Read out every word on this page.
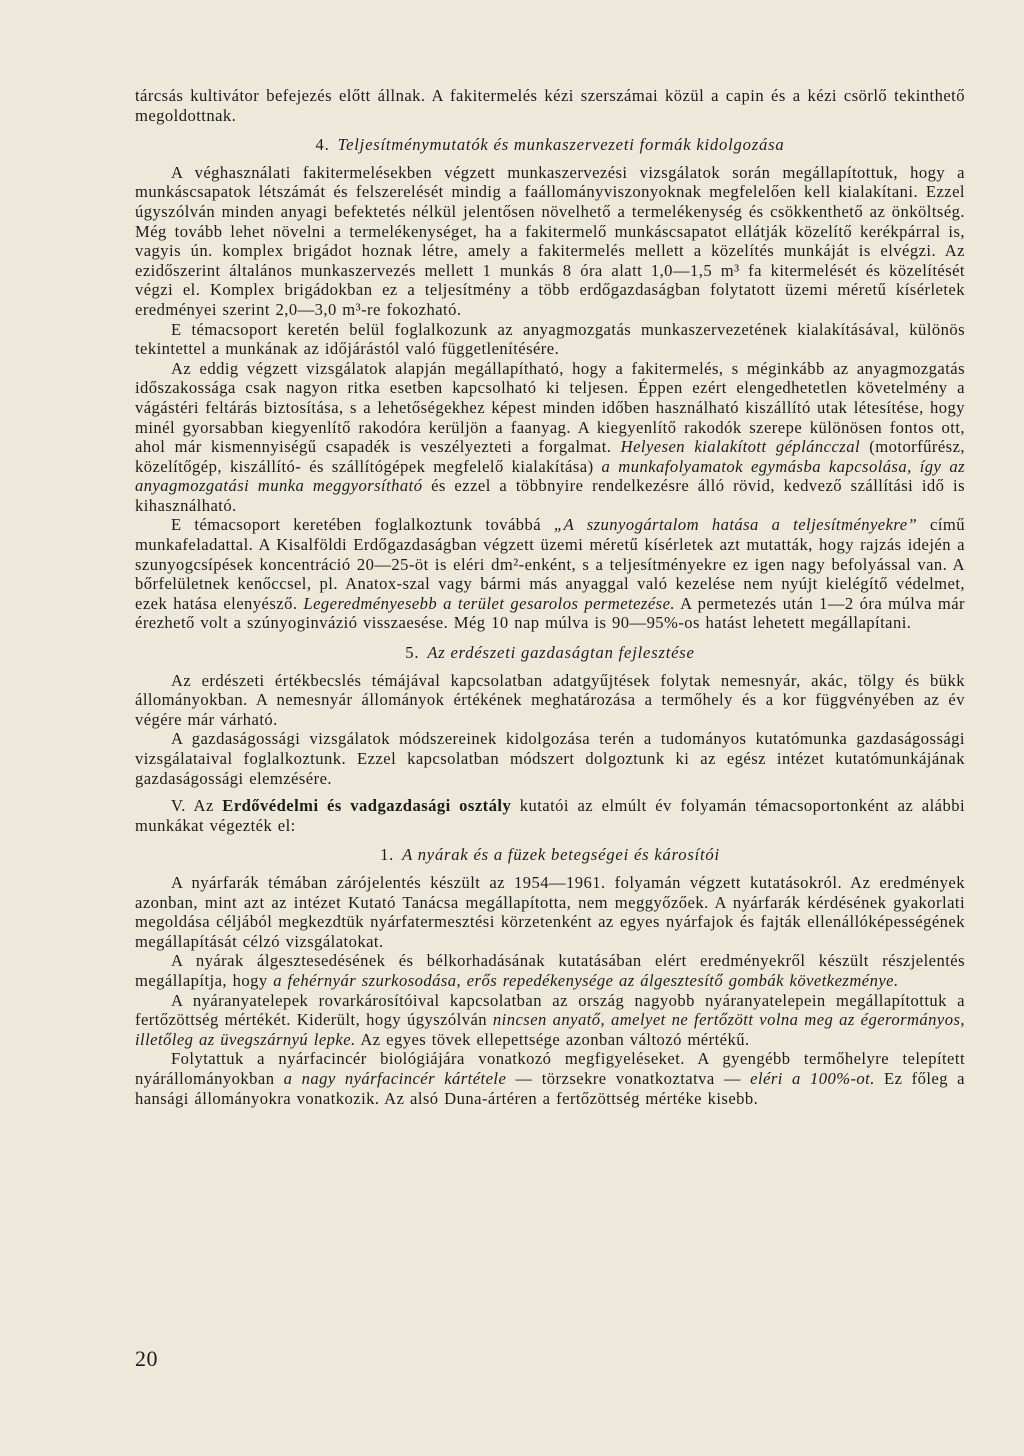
tárcsás kultivátor befejezés előtt állnak. A fakitermelés kézi szerszámai közül a capin és a kézi csörlő tekinthető megoldottnak.

4. Teljesítménymutatók és munkaszervezeti formák kidolgozása

A véghasználati fakitermelésekben végzett munkaszervezési vizsgálatok során megállapítottuk, hogy a munkáscsapatok létszámát és felszerelését mindig a faállományviszonyoknak megfelelően kell kialakítani. Ezzel úgyszólván minden anyagi befektetés nélkül jelentősen növelhető a termelékenység és csökkenthető az önköltség. Még tovább lehet növelni a termelékenységet, ha a fakitermelő munkáscsapatot ellátják közelítő kerékpárral is, vagyis ún. komplex brigádot hoznak létre, amely a fakitermelés mellett a közelítés munkáját is elvégzi. Az ezidőszerint általános munkaszervezés mellett 1 munkás 8 óra alatt 1,0—1,5 m³ fa kitermelését és közelítését végzi el. Komplex brigádokban ez a teljesítmény a több erdőgazdaságban folytatott üzemi méretű kísérletek eredményei szerint 2,0—3,0 m³-re fokozható.

E témacsoport keretén belül foglalkozunk az anyagmozgatás munkaszervezetének kialakításával, különös tekintettel a munkának az időjárástól való függetlenítésére.

Az eddig végzett vizsgálatok alapján megállapítható, hogy a fakitermelés, s méginkább az anyagmozgatás időszakossága csak nagyon ritka esetben kapcsolható ki teljesen. Éppen ezért elengedhetetlen követelmény a vágástéri feltárás biztosítása, s a lehetőségekhez képest minden időben használható kiszállító utak létesítése, hogy minél gyorsabban kiegyenlítő rakodóra kerüljön a faanyag. A kiegyenlítő rakodók szerepe különösen fontos ott, ahol már kismennyiségű csapadék is veszélyezteti a forgalmat. Helyesen kialakított gépláncczal (motorfűrész, közelítőgép, kiszállító- és szállítógépek megfelelő kialakítása) a munkafolyamatok egymásba kapcsolása, így az anyagmozgatási munka meggyorsítható és ezzel a többnyire rendelkezésre álló rövid, kedvező szállítási idő is kihasználható.

E témacsoport keretében foglalkoztunk továbbá „A szunyogártalom hatása a teljesítményekre” című munkafeladattal. A Kisalföldi Erdőgazdaságban végzett üzemi méretű kísérletek azt mutatták, hogy rajzás idején a szunyogcsípések koncentráció 20—25-öt is eléri dm²-enként, s a teljesítményekre ez igen nagy befolyással van. A bőrfelületnek kenőccsel, pl. Anatox-szal vagy bármi más anyaggal való kezelése nem nyújt kielégítő védelmet, ezek hatása elenyésző. Legeredményesebb a terület gesarolos permetezése. A permetezés után 1—2 óra múlva már érezhető volt a szúnyoginvázió visszaesése. Még 10 nap múlva is 90—95%-os hatást lehetett megállapítani.

5. Az erdészeti gazdaságtan fejlesztése

Az erdészeti értékbecslés témájával kapcsolatban adatgyűjtések folytak nemesnyár, akác, tölgy és bükk állományokban. A nemesnyár állományok értékének meghatározása a termőhely és a kor függvényében az év végére már várható.

A gazdaságossági vizsgálatok módszereinek kidolgozása terén a tudományos kutatómunka gazdaságossági vizsgálataival foglalkoztunk. Ezzel kapcsolatban módszert dolgoztunk ki az egész intézet kutatómunkájának gazdaságossági elemzésére.

V. Az Erdővédelmi és vadgazdasági osztály kutatói az elmúlt év folyamán témacsoportonként az alábbi munkákat végezték el:

1. A nyárak és a füzek betegségei és károsítói

A nyárfarák témában zárójelentés készült az 1954—1961. folyamán végzett kutatásokról. Az eredmények azonban, mint azt az intézet Kutató Tanácsa megállapította, nem meggyőzőek. A nyárfarák kérdésének gyakorlati megoldása céljából megkezdtük nyárfatermesztési körzetenként az egyes nyárfajok és fajták ellenállóképességének megállapítását célzó vizsgálatokat.

A nyárak álgesztesedésének és bélkorhadásának kutatásában elért eredményekről készült részjelentés megállapítja, hogy a fehérnyár szurkosodása, erős repedékenysége az álgesztesítő gombák következménye.

A nyáranyatelepek rovarkárosítóival kapcsolatban az ország nagyobb nyáranyatelepein megállapítottuk a fertőzöttség mértékét. Kiderült, hogy úgyszólván nincsen anyatő, amelyet ne fertőzött volna meg az égerormányos, illetőleg az üvegszárnyú lepke. Az egyes tövek ellepettsége azonban változó mértékű.

Folytattuk a nyárfacincér biológiájára vonatkozó megfigyeléseket. A gyengébb termőhelyre telepített nyárállományokban a nagy nyárfacincér kártétele — törzsekre vonatkoztatva — eléri a 100%-ot. Ez főleg a hansági állományokra vonatkozik. Az alsó Duna-ártéren a fertőzöttség mértéke kisebb.

20
